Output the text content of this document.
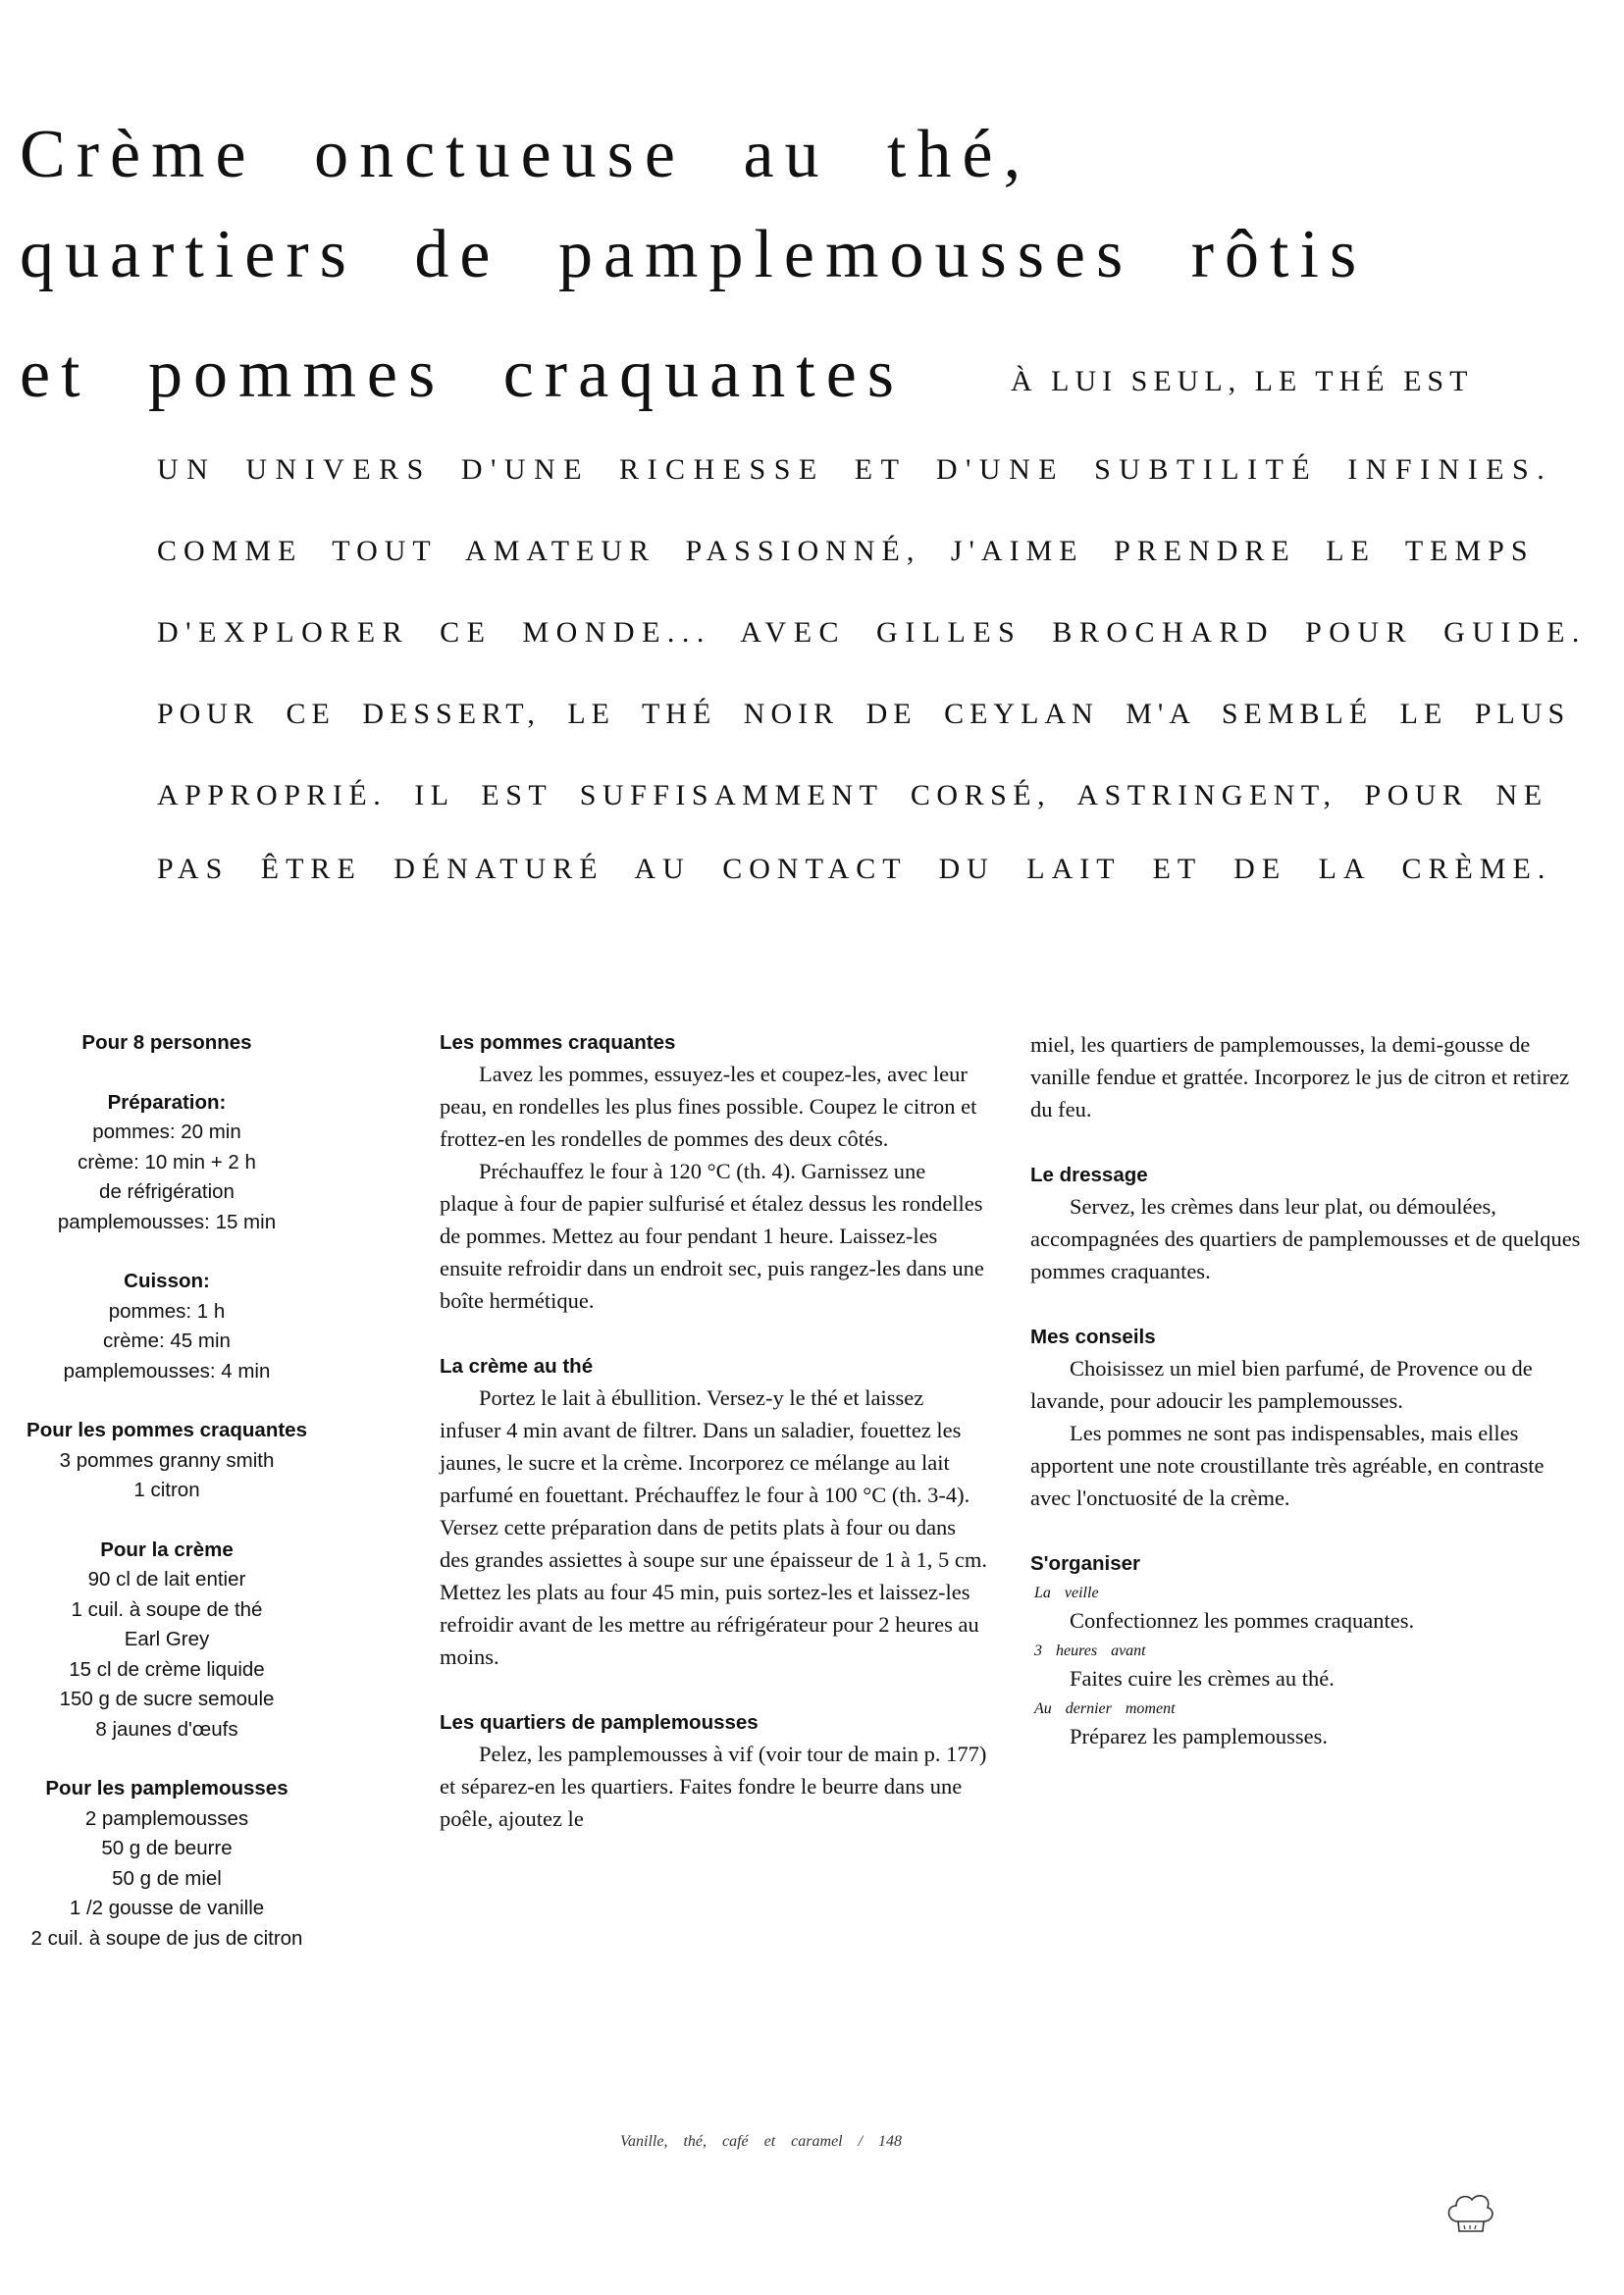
Crème onctueuse au thé,
quartiers de pamplemousses rôtis
et pommes craquantes	À LUI SEUL, LE THÉ EST
UN UNIVERS D'UNE RICHESSE ET D'UNE SUBTILITÉ INFINIES.
COMME TOUT AMATEUR PASSIONNÉ, J'AIME PRENDRE LE TEMPS
D'EXPLORER CE MONDE... AVEC GILLES BROCHARD POUR GUIDE.
POUR CE DESSERT, LE THÉ NOIR DE CEYLAN M'A SEMBLÉ LE PLUS
APPROPRIÉ. IL EST SUFFISAMMENT CORSÉ, ASTRINGENT, POUR NE
PAS ÊTRE DÉNATURÉ AU CONTACT DU LAIT ET DE LA CRÈME.
Pour 8 personnes
Préparation:
pommes: 20 min
crème: 10 min + 2 h
de réfrigération
pamplemousses: 15 min
Cuisson:
pommes: 1 h
crème: 45 min
pamplemousses: 4 min
Pour les pommes craquantes
3 pommes granny smith
1 citron
Pour la crème
90 cl de lait entier
1 cuil. à soupe de thé
Earl Grey
15 cl de crème liquide
150 g de sucre semoule
8 jaunes d'œufs
Pour les pamplemousses
2 pamplemousses
50 g de beurre
50 g de miel
1 /2 gousse de vanille
2 cuil. à soupe de jus de citron

Les pommes craquantes

Lavez les pommes, essuyez-les et coupez-les, avec leur peau, en rondelles les plus fines possible. Coupez le citron et frottez-en les rondelles de pommes des deux côtés.

Préchauffez le four à 120 °C (th. 4). Garnissez une plaque à four de papier sulfurisé et étalez dessus les rondelles de pommes. Mettez au four pendant 1 heure. Laissez-les ensuite refroidir dans un endroit sec, puis rangez-les dans une boîte hermétique.

La crème au thé

Portez le lait à ébullition. Versez-y le thé et laissez infuser 4 min avant de filtrer. Dans un saladier, fouettez les jaunes, le sucre et la crème. Incorporez ce mélange au lait parfumé en fouettant. Préchauffez le four à 100 °C (th. 3-4). Versez cette préparation dans de petits plats à four ou dans des grandes assiettes à soupe sur une épaisseur de 1 à 1, 5 cm. Mettez les plats au four 45 min, puis sortez-les et laissez-les refroidir avant de les mettre au réfrigérateur pour 2 heures au moins.

Les quartiers de pamplemousses

Pelez, les pamplemousses à vif (voir tour de main p. 177) et séparez-en les quartiers. Faites fondre le beurre dans une poêle, ajoutez le

miel, les quartiers de pamplemousses, la demi-gousse de vanille fendue et grattée. Incorporez le jus de citron et retirez du feu.

Le dressage

Servez, les crèmes dans leur plat, ou démoulées, accompagnées des quartiers de pamplemousses et de quelques pommes craquantes.

Mes conseils

Choisissez un miel bien parfumé, de Provence ou de lavande, pour adoucir les pamplemousses.

Les pommes ne sont pas indispensables, mais elles apportent une note croustillante très agréable, en contraste avec l'onctuosité de la crème.

S'organiser

La veille

Confectionnez les pommes craquantes.

3 heures avant

Faites cuire les crèmes au thé.

Au dernier moment

Préparez les pamplemousses.

Vanille, thé, café et caramel / 148
